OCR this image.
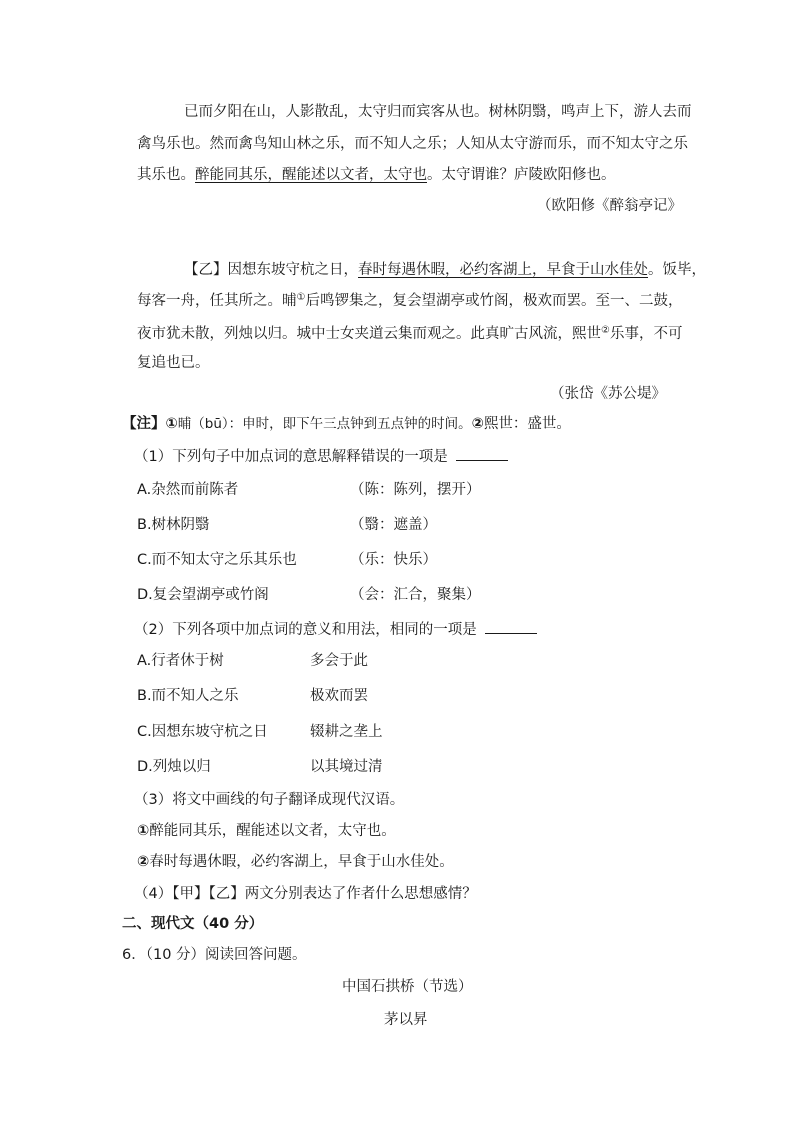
已而夕阳在山，人影散乱，太守归而宾客从也。树林阴翳，鸣声上下，游人去而
禽鸟乐也。然而禽鸟知山林之乐，而不知人之乐；人知从太守游而乐，而不知太守之乐
其乐也。醉能同其乐，醒能述以文者，太守也。太守谓谁？庐陵欧阳修也。
（欧阳修《醉翁亭记》
【乙】因想东坡守杭之日，春时每遇休暇，必约客湖上，早食于山水佳处。饭毕，
每客一舟，任其所之。晡①后鸣锣集之，复会望湖亭或竹阁，极欢而罢。至一、二鼓，
夜市犹未散，列烛以归。城中士女夹道云集而观之。此真旷古风流，熙世②乐事，不可
复追也已。
（张岱《苏公堤》
【注】①晡（bū）：申时，即下午三点钟到五点钟的时间。②熙世：盛世。
（1）下列句子中加点词的意思解释错误的一项是
A.杂然而前陈者	（陈：陈列，摆开）
B.树林阴翳	（翳：遮盖）
C.而不知太守之乐其乐也	（乐：快乐）
D.复会望湖亭或竹阁	（会：汇合，聚集）
（2）下列各项中加点词的意义和用法，相同的一项是
A.行者休于树	多会于此
B.而不知人之乐	极欢而罢
C.因想东坡守杭之日	辍耕之垄上
D.列烛以归	以其境过清
（3）将文中画线的句子翻译成现代汉语。
①醉能同其乐，醒能述以文者，太守也。
②春时每遇休暇，必约客湖上，早食于山水佳处。
（4）【甲】【乙】两文分别表达了作者什么思想感情？
二、现代文（40 分）
6．（10 分）阅读回答问题。
中国石拱桥（节选）
茅以昇
